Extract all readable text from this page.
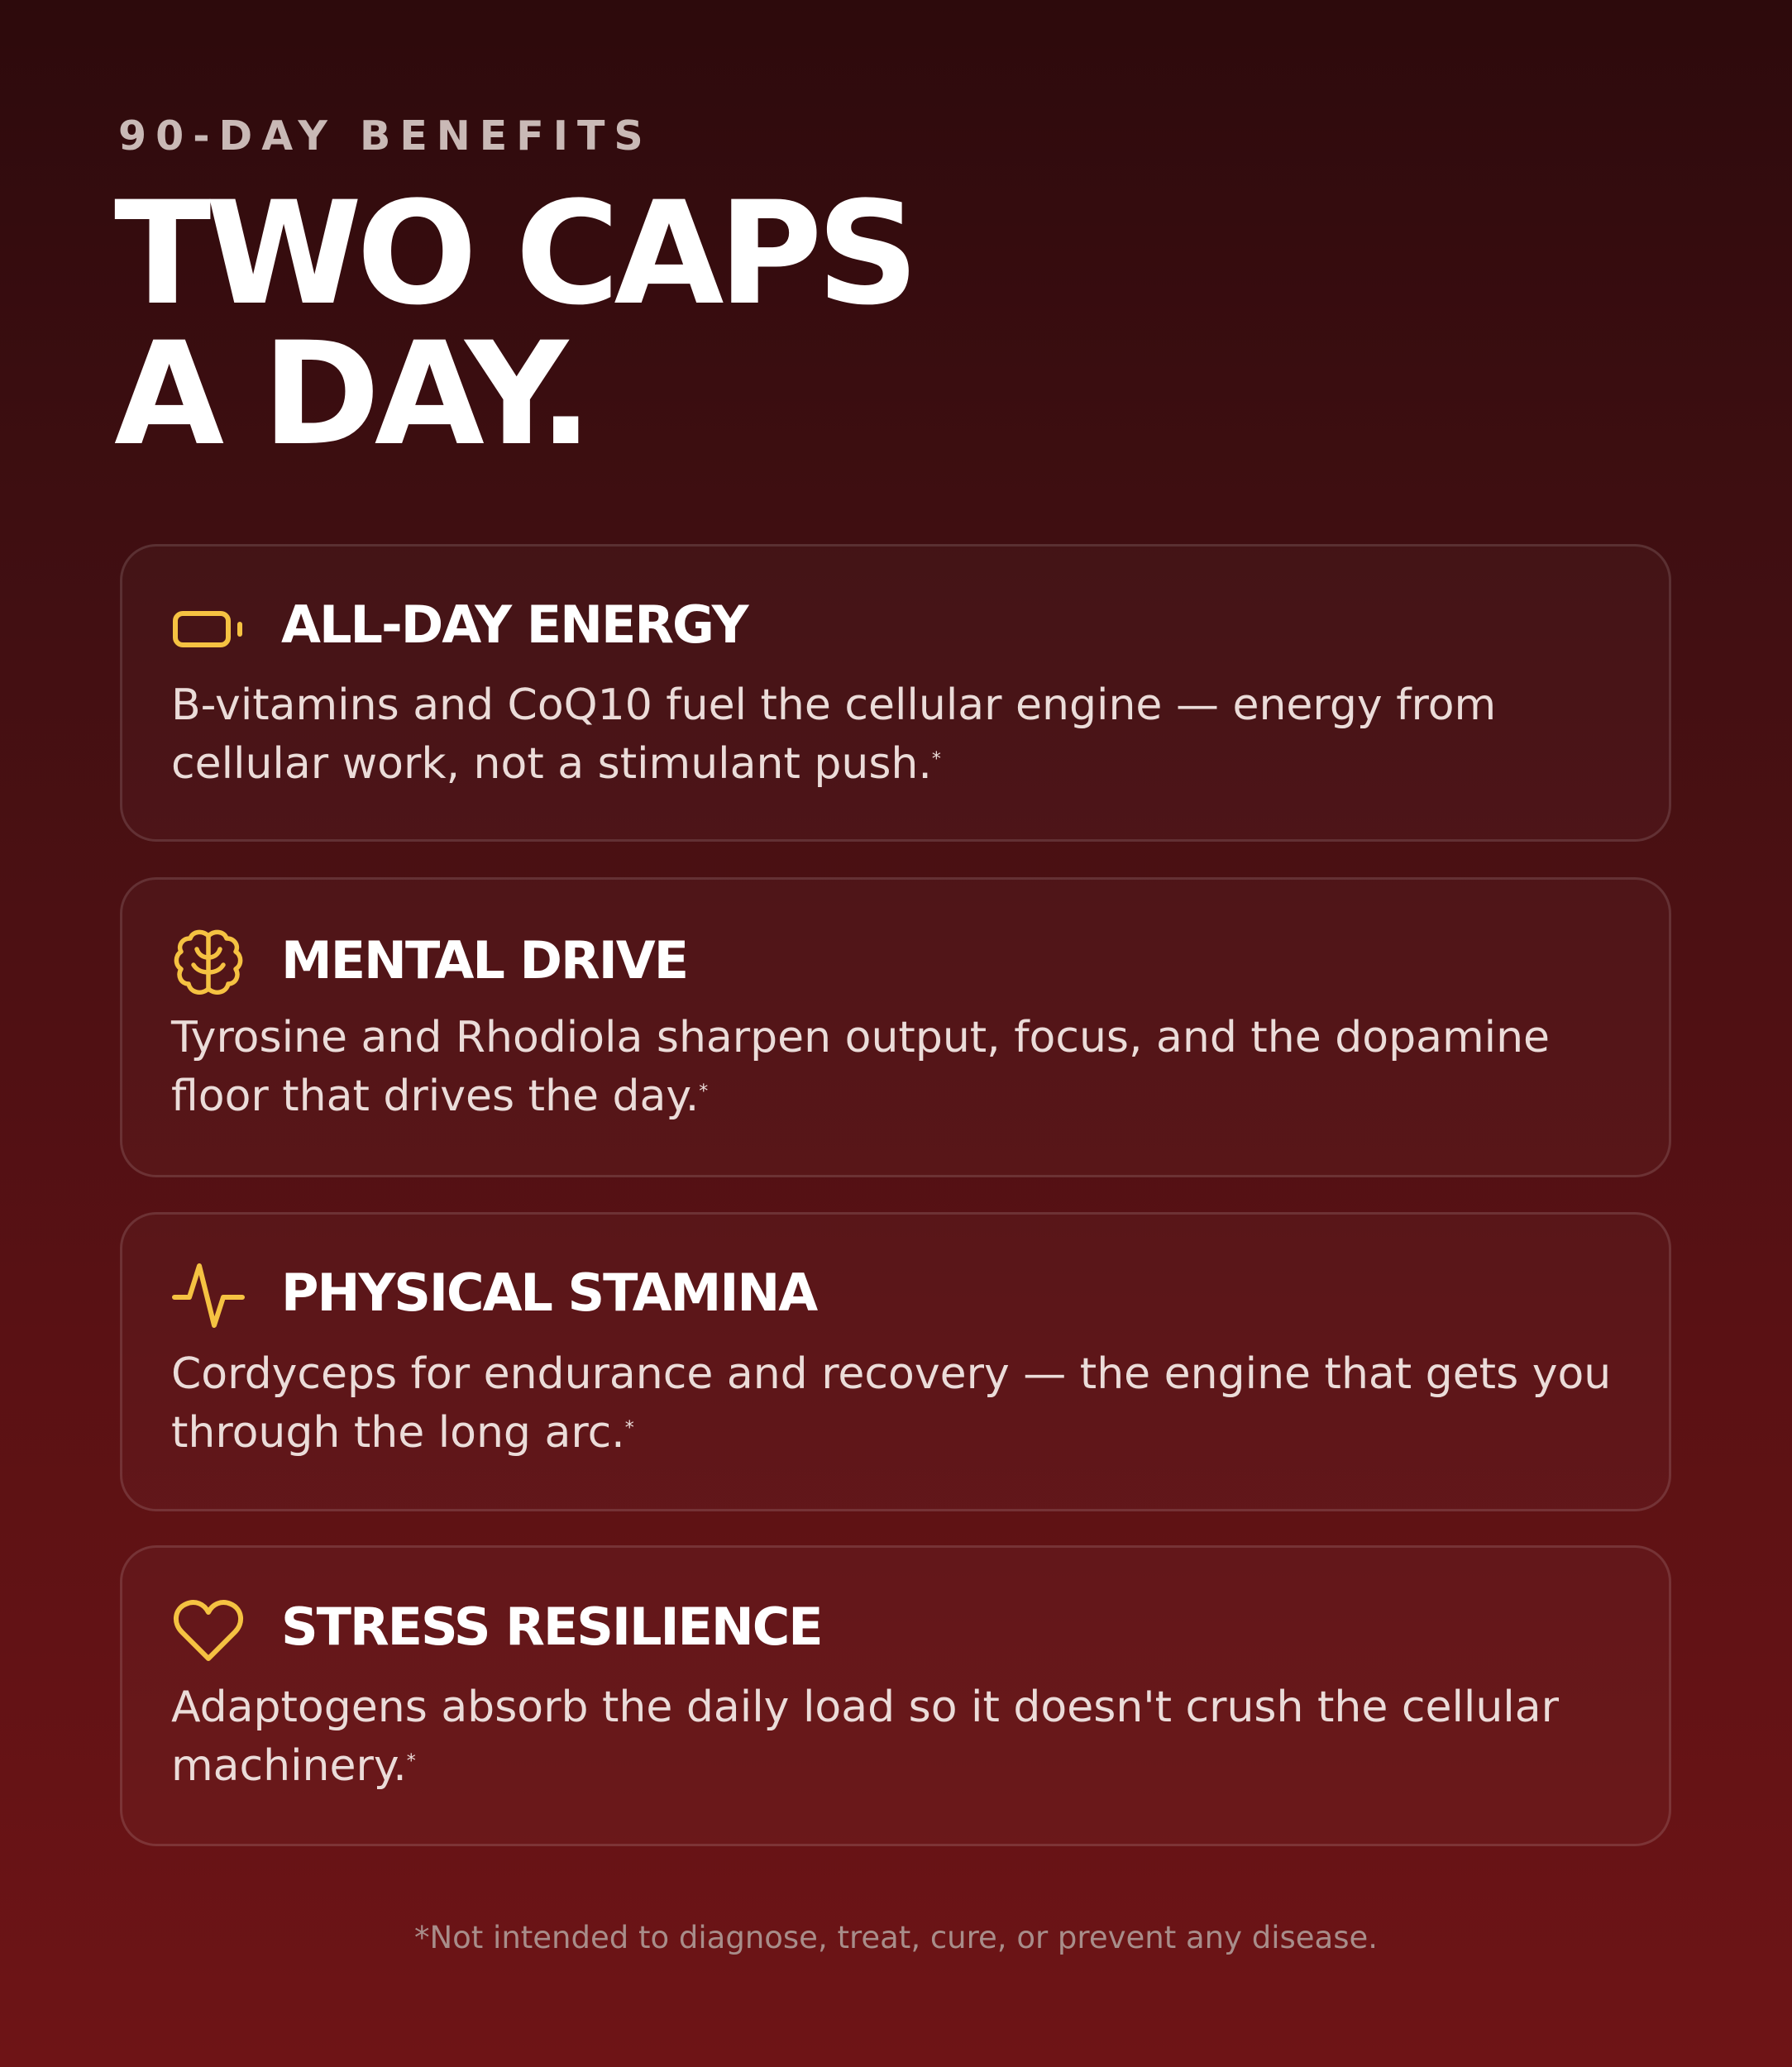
90-DAY BENEFITS
TWO CAPS
A DAY.
ALL-DAY ENERGY

B-vitamins and CoQ10 fuel the cellular engine — energy from cellular work, not a stimulant push.*

MENTAL DRIVE

Tyrosine and Rhodiola sharpen output, focus, and the dopamine floor that drives the day.*

PHYSICAL STAMINA

Cordyceps for endurance and recovery — the engine that gets you through the long arc.*

STRESS RESILIENCE

Adaptogens absorb the daily load so it doesn't crush the cellular machinery.*

*Not intended to diagnose, treat, cure, or prevent any disease.
